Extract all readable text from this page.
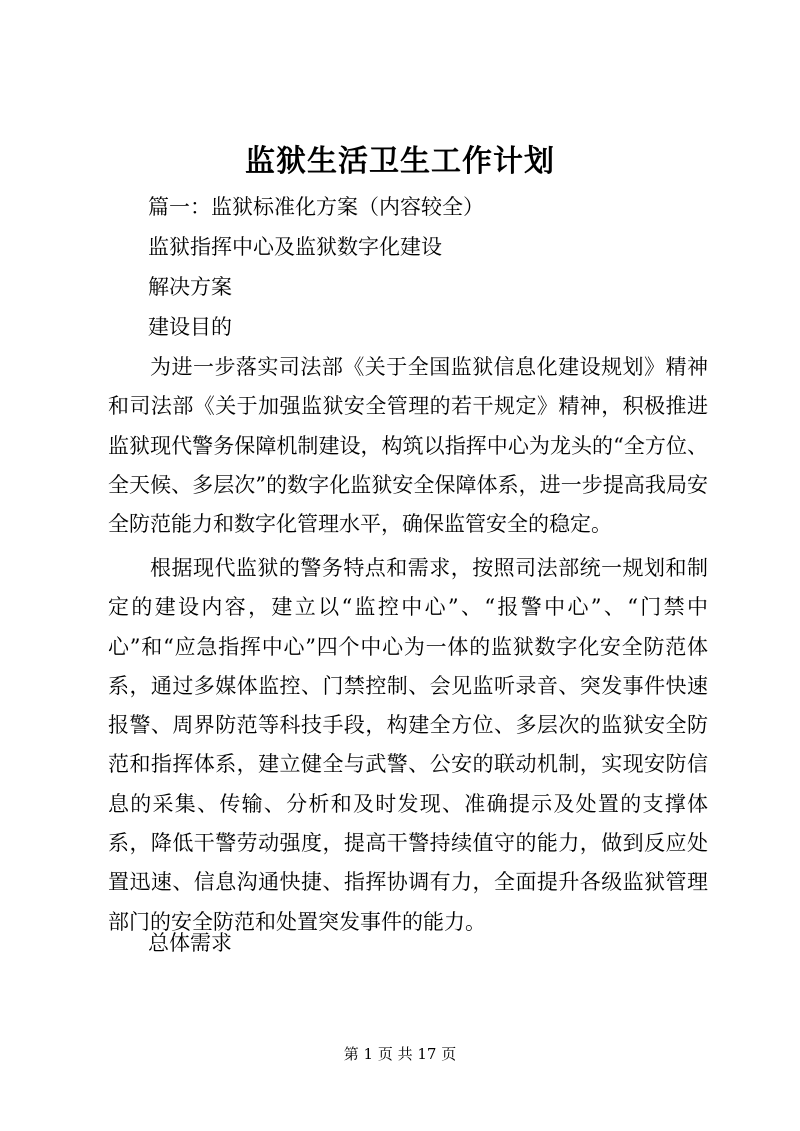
监狱生活卫生工作计划
篇一：监狱标准化方案（内容较全）
监狱指挥中心及监狱数字化建设
解决方案
建设目的

为进一步落实司法部《关于全国监狱信息化建设规划》精神和司法部《关于加强监狱安全管理的若干规定》精神，积极推进监狱现代警务保障机制建设，构筑以指挥中心为龙头的“全方位、全天候、多层次”的数字化监狱安全保障体系，进一步提高我局安全防范能力和数字化管理水平，确保监管安全的稳定。

根据现代监狱的警务特点和需求，按照司法部统一规划和制定的建设内容，建立以“监控中心”、“报警中心”、“门禁中心”和“应急指挥中心”四个中心为一体的监狱数字化安全防范体系，通过多媒体监控、门禁控制、会见监听录音、突发事件快速报警、周界防范等科技手段，构建全方位、多层次的监狱安全防范和指挥体系，建立健全与武警、公安的联动机制，实现安防信息的采集、传输、分析和及时发现、准确提示及处置的支撑体系，降低干警劳动强度，提高干警持续值守的能力，做到反应处置迅速、信息沟通快捷、指挥协调有力，全面提升各级监狱管理部门的安全防范和处置突发事件的能力。

总体需求
第 1 页 共 17 页
